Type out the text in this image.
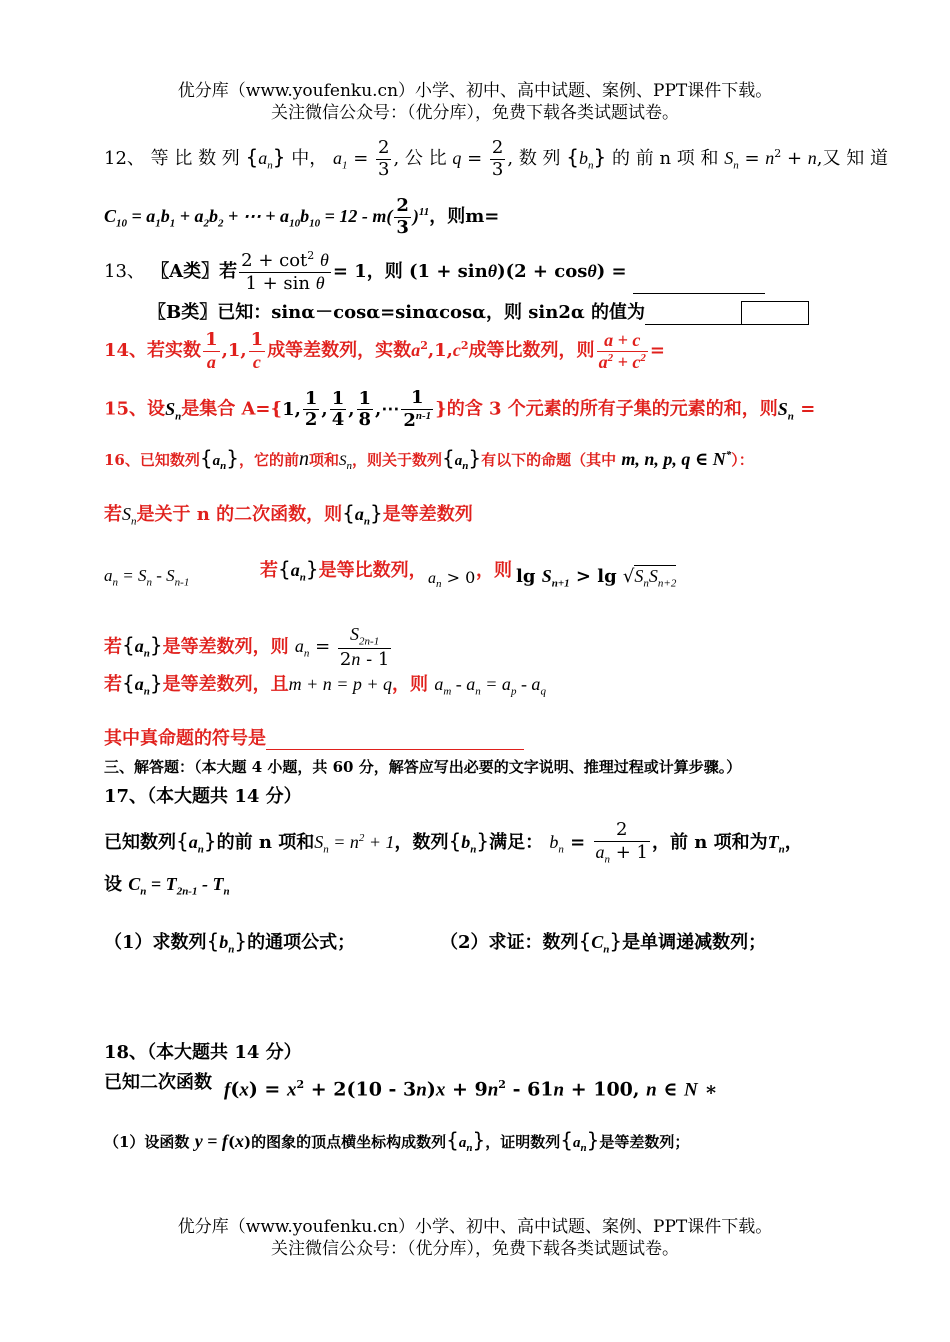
优分库（www.youfenku.cn）小学、初中、高中试题、案例、PPT课件下载。
关注微信公众号：（优分库），免费下载各类试题试卷。
12、 等 比 数 列 $\{a_n\}$ 中， $a_1 = \frac{2}{3}$ , 公 比 $q = \frac{2}{3}$ , 数 列 $\{b_n\}$ 的 前 n 项 和 $S_n = n^2 + n$,又 知 道
$C_{10} = a_1b_1 + a_2b_2$ + ⋯ + $a_{10}b_{10} = 12 - m( \frac{2}{3} )^{11}$，则m=
13、 〖A类〗若 $\frac{2 + \cot^2 \theta}{\text{1 + sin θ}} = 1$，则 (1 + sinθ)(2 + cosθ) =
〖B类〗已知：sinα－cosα=sinαcosα，则 sin2α 的值为
14、若实数 $\frac{1}{a} ,1$, $\frac{1}{c}$ 成等差数列，实数$a^2,1,c^2$成等比数列，则 $\frac{a + c}{a^2 + c^2}$ =
15、设$S_n$是集合 A={1, $\frac{1}{2}$ , $\frac{1}{4}$ , $\frac{1}{8}$ ,⋯ $\frac{1}{2^{n-1}}$ }的含 3 个元素的所有子集的元素的和，则$S_n$ =
16、已知数列$\{a_n\}$，它的前n项和$S_n$，则关于数列$\{a_n\}$有以下的命题（其中 m, n, p, q ∈ N*）：
若$S_n$是关于 n 的二次函数，则$\{a_n\}$是等差数列
$a_n = S_n - S_{n-1}$
若$\{a_n\}$是等比数列， $a_n > 0$ ，则 $\lg S_{n+1} > \lg √S_nS_{n+2}$
若$\{a_n\}$是等差数列，则 $a_n = \frac{S_{2n-1}}{2n - 1}$
若$\{a_n\}$是等差数列，且m + n = p + q，则 $a_m - a_n = a_p - a_q$
其中真命题的符号是
三、解答题：（本大题 4 小题，共 60 分，解答应写出必要的文字说明、推理过程或计算步骤。）
17、（本大题共 14 分）
已知数列$\{a_n\}$的前 n 项和$S_n = n^2 + 1$，数列$\{b_n\}$满足： $b_n = \frac{2}{a_n + 1}$ ，前 n 项和为$T_n$，
设 $C_n = T_{2n-1} - T_n$
（1）求数列$\{b_n\}$的通项公式；	（2）求证：数列$\{C_n\}$是单调递减数列；
18、（本大题共 14 分）
已知二次函数 $f(x) = x^2 + 2(10 - 3n)x + 9n^2 - 61n + 100$, n ∈ N ∗
（1）设函数 y = f(x)的图象的顶点横坐标构成数列$\{a_n\}$，证明数列$\{a_n\}$是等差数列；
优分库（www.youfenku.cn）小学、初中、高中试题、案例、PPT课件下载。
关注微信公众号：（优分库），免费下载各类试题试卷。
